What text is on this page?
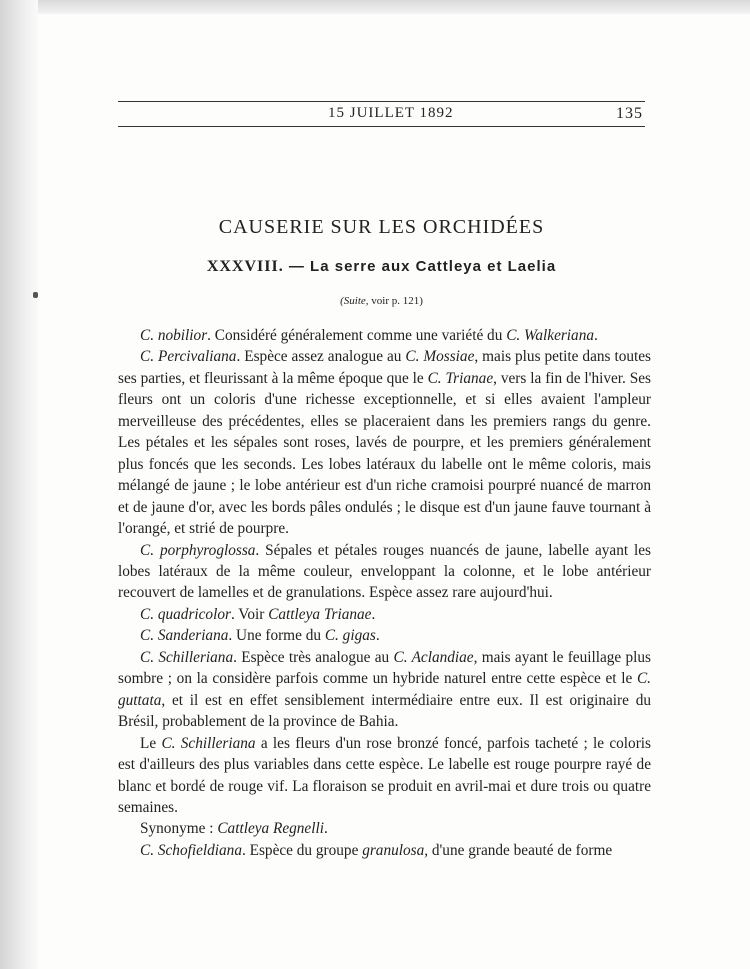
15 JUILLET 1892	135
CAUSERIE SUR LES ORCHIDÉES
XXXVIII. — La serre aux Cattleya et Laelia
(Suite, voir p. 121)

C. nobilior. Considéré généralement comme une variété du C. Walkeriana.

C. Percivaliana. Espèce assez analogue au C. Mossiae, mais plus petite dans toutes ses parties, et fleurissant à la même époque que le C. Trianae, vers la fin de l'hiver. Ses fleurs ont un coloris d'une richesse exceptionnelle, et si elles avaient l'ampleur merveilleuse des précédentes, elles se placeraient dans les premiers rangs du genre. Les pétales et les sépales sont roses, lavés de pourpre, et les premiers généralement plus foncés que les seconds. Les lobes latéraux du labelle ont le même coloris, mais mélangé de jaune ; le lobe antérieur est d'un riche cramoisi pourpré nuancé de marron et de jaune d'or, avec les bords pâles ondulés ; le disque est d'un jaune fauve tournant à l'orangé, et strié de pourpre.

C. porphyroglossa. Sépales et pétales rouges nuancés de jaune, labelle ayant les lobes latéraux de la même couleur, enveloppant la colonne, et le lobe antérieur recouvert de lamelles et de granulations. Espèce assez rare aujourd'hui.

C. quadricolor. Voir Cattleya Trianae.

C. Sanderiana. Une forme du C. gigas.

C. Schilleriana. Espèce très analogue au C. Aclandiae, mais ayant le feuillage plus sombre ; on la considère parfois comme un hybride naturel entre cette espèce et le C. guttata, et il est en effet sensiblement intermédiaire entre eux. Il est originaire du Brésil, probablement de la province de Bahia.

Le C. Schilleriana a les fleurs d'un rose bronzé foncé, parfois tacheté ; le coloris est d'ailleurs des plus variables dans cette espèce. Le labelle est rouge pourpre rayé de blanc et bordé de rouge vif. La floraison se produit en avril-mai et dure trois ou quatre semaines.

Synonyme : Cattleya Regnelli.

C. Schofieldiana. Espèce du groupe granulosa, d'une grande beauté de forme
